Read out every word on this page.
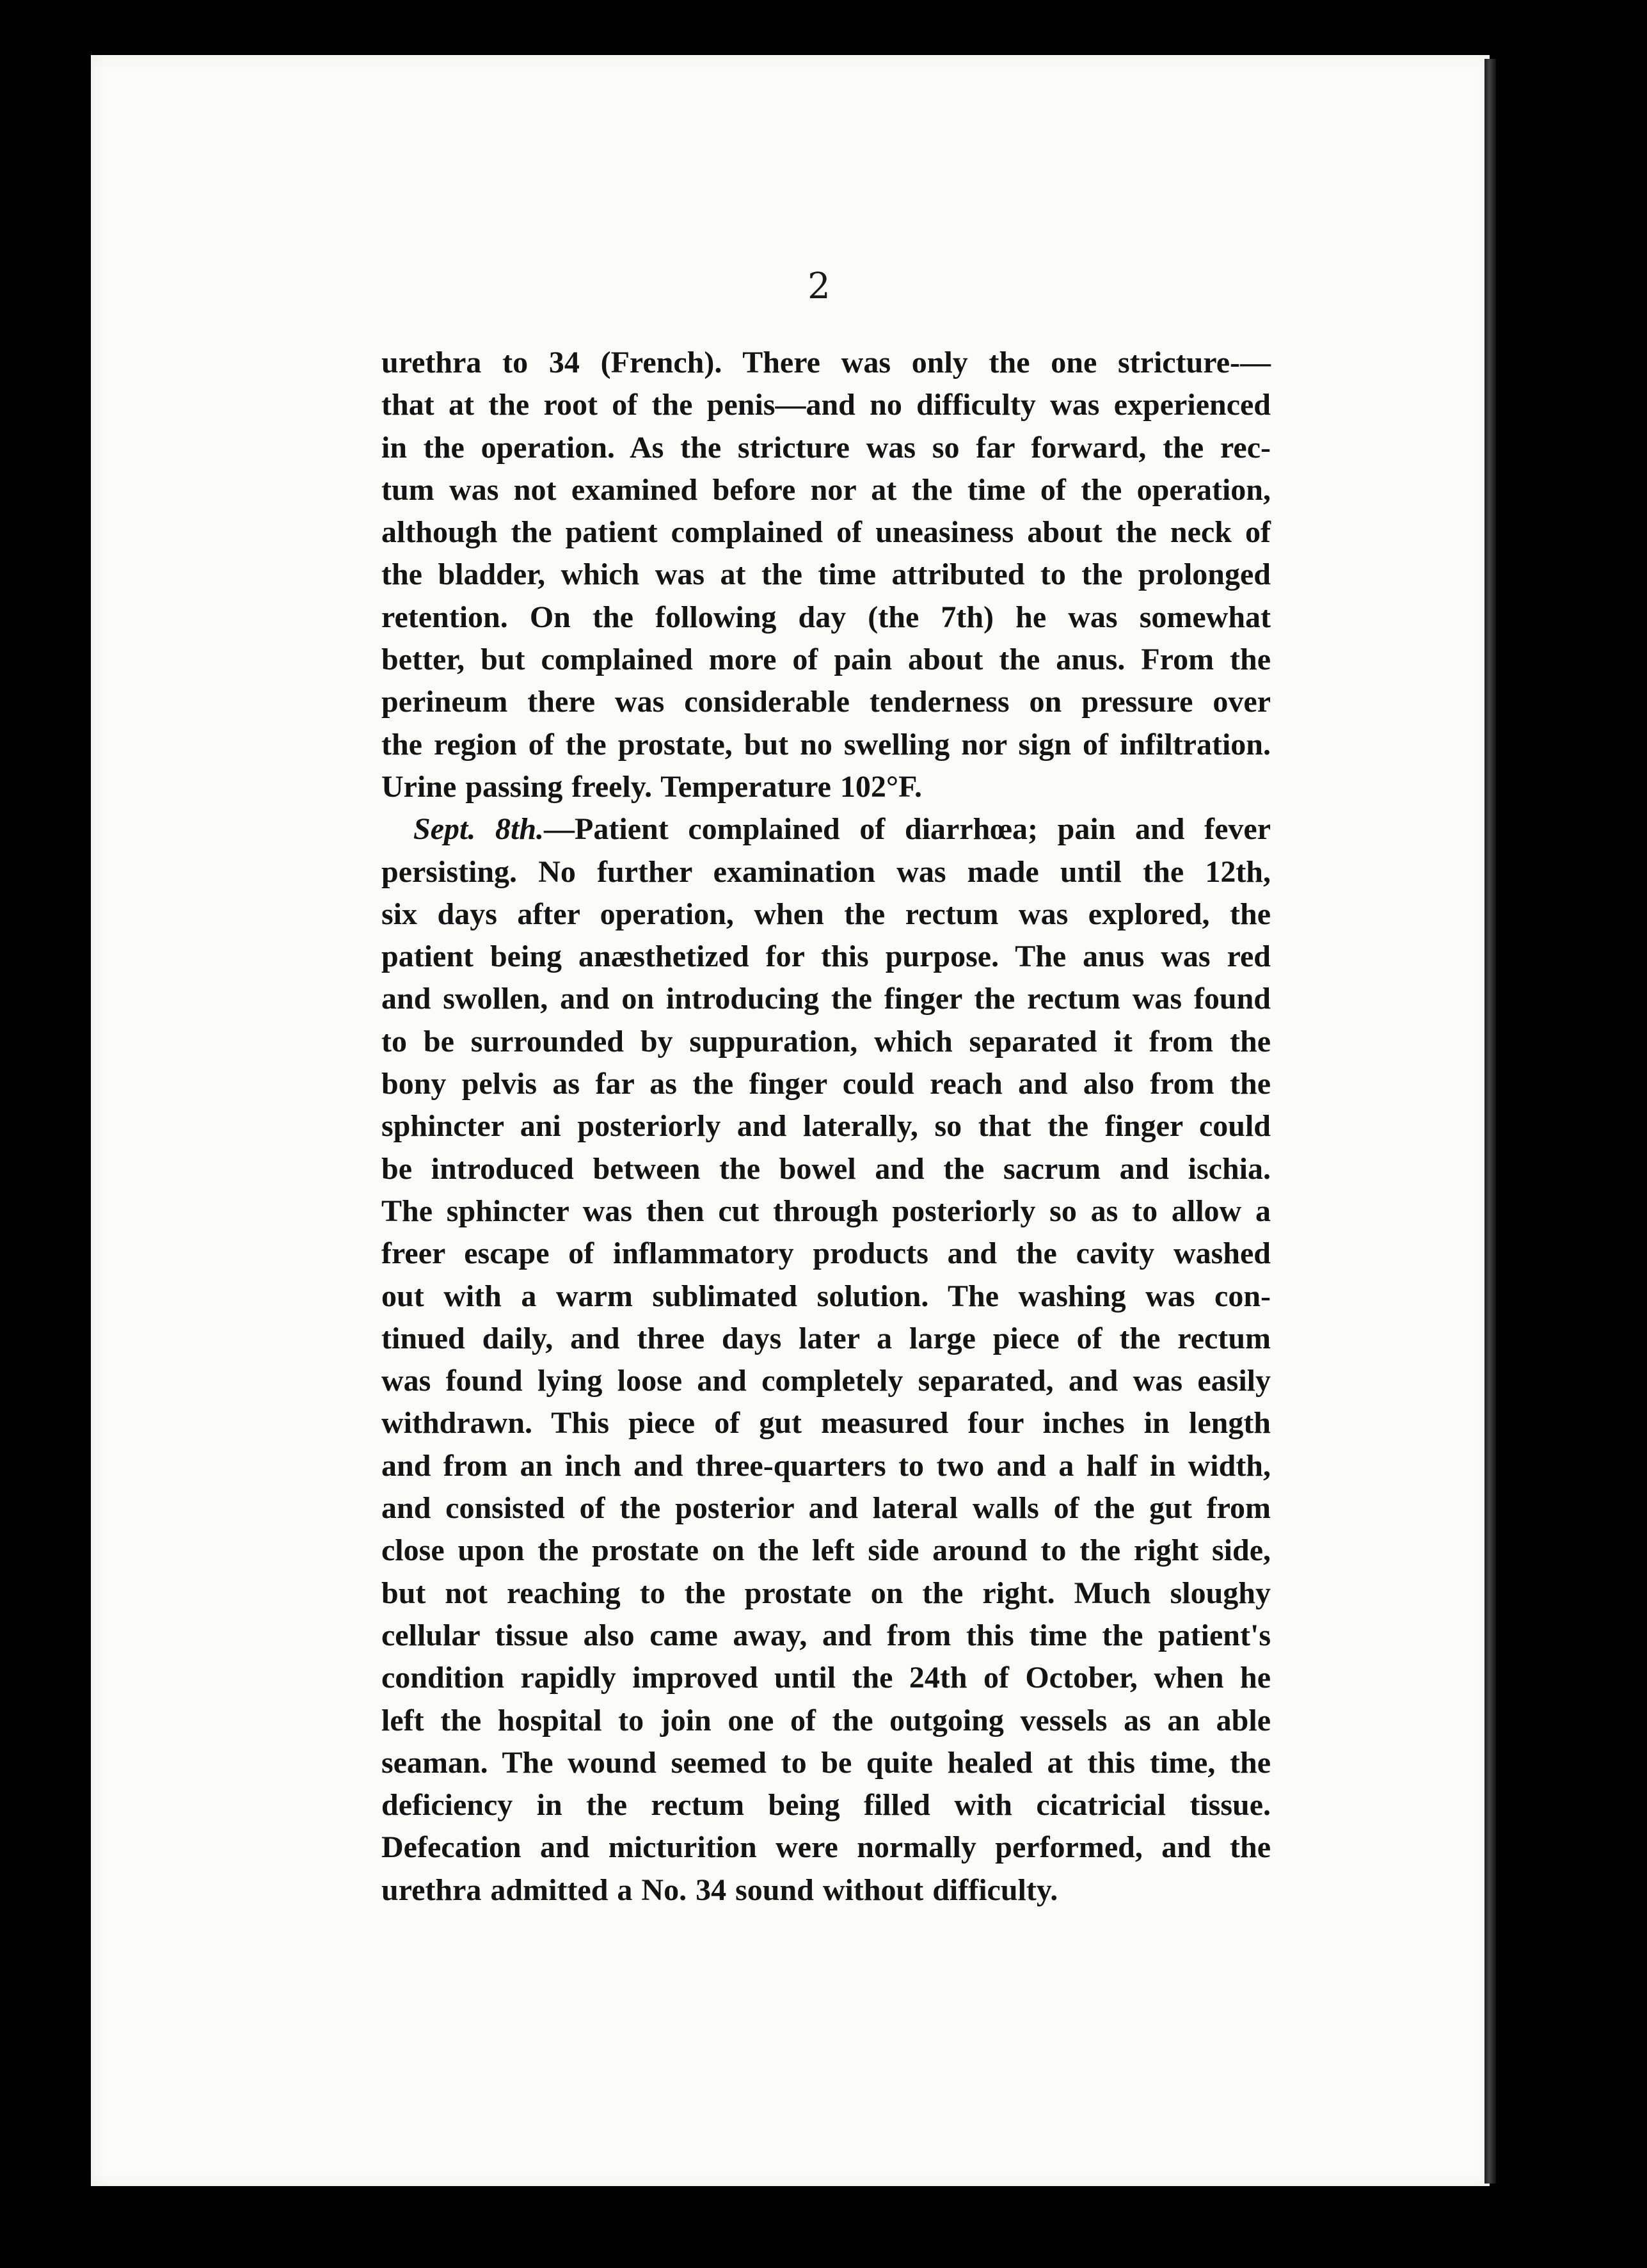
2
urethra to 34 (French). There was only the one stricture-—
that at the root of the penis—and no difficulty was experienced
in the operation. As the stricture was so far forward, the rec-
tum was not examined before nor at the time of the operation,
although the patient complained of uneasiness about the neck of
the bladder, which was at the time attributed to the prolonged
retention. On the following day (the 7th) he was somewhat
better, but complained more of pain about the anus. From the
perineum there was considerable tenderness on pressure over
the region of the prostate, but no swelling nor sign of infiltration.
Urine passing freely. Temperature 102°F.
Sept. 8th.—Patient complained of diarrhœa; pain and fever
persisting. No further examination was made until the 12th,
six days after operation, when the rectum was explored, the
patient being anæsthetized for this purpose. The anus was red
and swollen, and on introducing the finger the rectum was found
to be surrounded by suppuration, which separated it from the
bony pelvis as far as the finger could reach and also from the
sphincter ani posteriorly and laterally, so that the finger could
be introduced between the bowel and the sacrum and ischia.
The sphincter was then cut through posteriorly so as to allow a
freer escape of inflammatory products and the cavity washed
out with a warm sublimated solution. The washing was con-
tinued daily, and three days later a large piece of the rectum
was found lying loose and completely separated, and was easily
withdrawn. This piece of gut measured four inches in length
and from an inch and three-quarters to two and a half in width,
and consisted of the posterior and lateral walls of the gut from
close upon the prostate on the left side around to the right side,
but not reaching to the prostate on the right. Much sloughy
cellular tissue also came away, and from this time the patient's
condition rapidly improved until the 24th of October, when he
left the hospital to join one of the outgoing vessels as an able
seaman. The wound seemed to be quite healed at this time, the
deficiency in the rectum being filled with cicatricial tissue.
Defecation and micturition were normally performed, and the
urethra admitted a No. 34 sound without difficulty.
